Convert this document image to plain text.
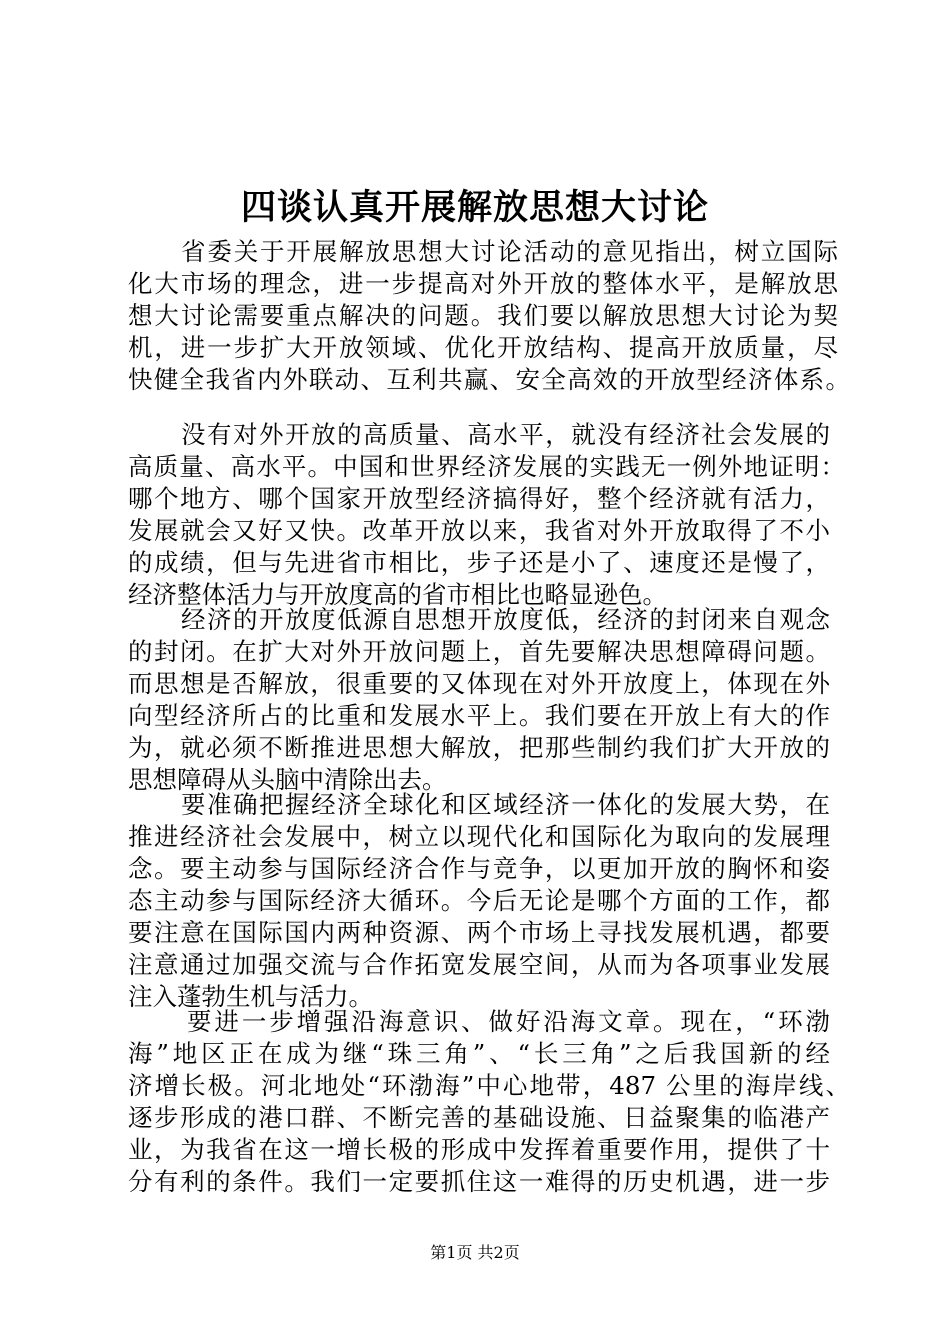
四谈认真开展解放思想大讨论
省委关于开展解放思想大讨论活动的意见指出，树立国际
化大市场的理念，进一步提高对外开放的整体水平，是解放思
想大讨论需要重点解决的问题。我们要以解放思想大讨论为契
机，进一步扩大开放领域、优化开放结构、提高开放质量，尽
快健全我省内外联动、互利共赢、安全高效的开放型经济体系。
没有对外开放的高质量、高水平，就没有经济社会发展的
高质量、高水平。中国和世界经济发展的实践无一例外地证明：
哪个地方、哪个国家开放型经济搞得好，整个经济就有活力，
发展就会又好又快。改革开放以来，我省对外开放取得了不小
的成绩，但与先进省市相比，步子还是小了、速度还是慢了，
经济整体活力与开放度高的省市相比也略显逊色。
经济的开放度低源自思想开放度低，经济的封闭来自观念
的封闭。在扩大对外开放问题上，首先要解决思想障碍问题。
而思想是否解放，很重要的又体现在对外开放度上，体现在外
向型经济所占的比重和发展水平上。我们要在开放上有大的作
为，就必须不断推进思想大解放，把那些制约我们扩大开放的
思想障碍从头脑中清除出去。
要准确把握经济全球化和区域经济一体化的发展大势，在
推进经济社会发展中，树立以现代化和国际化为取向的发展理
念。要主动参与国际经济合作与竞争，以更加开放的胸怀和姿
态主动参与国际经济大循环。今后无论是哪个方面的工作，都
要注意在国际国内两种资源、两个市场上寻找发展机遇，都要
注意通过加强交流与合作拓宽发展空间，从而为各项事业发展
注入蓬勃生机与活力。
要进一步增强沿海意识、做好沿海文章。现在，“环渤
海”地区正在成为继“珠三角”、“长三角”之后我国新的经
济增长极。河北地处“环渤海”中心地带，487 公里的海岸线、
逐步形成的港口群、不断完善的基础设施、日益聚集的临港产
业，为我省在这一增长极的形成中发挥着重要作用，提供了十
分有利的条件。我们一定要抓住这一难得的历史机遇，进一步
第1页 共2页
